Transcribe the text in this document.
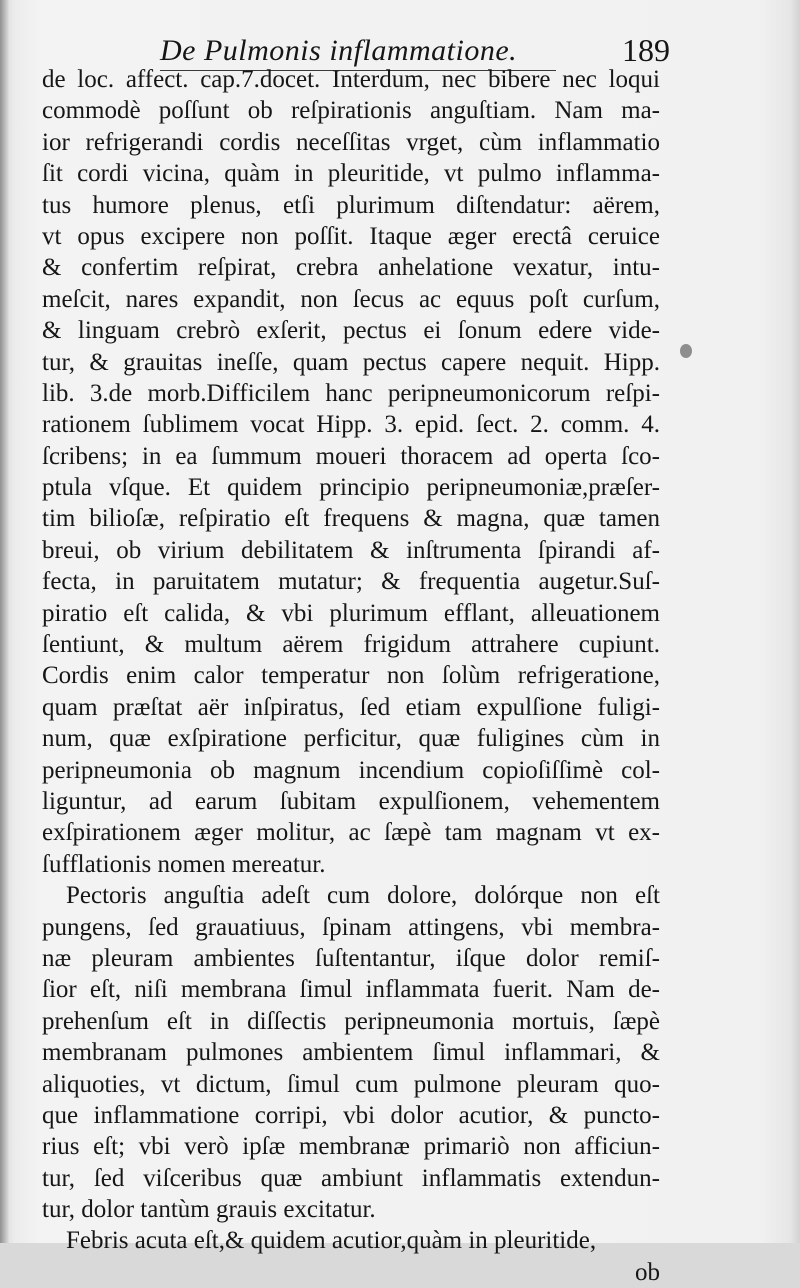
De Pulmonis inflammatione.	189
de loc. affect. cap.7.docet. Interdum, nec bibere nec loqui
commodè poſſunt ob reſpirationis anguſtiam. Nam ma-
ior refrigerandi cordis neceſſitas vrget, cùm inflammatio
ſit cordi vicina, quàm in pleuritide, vt pulmo inflamma-
tus humore plenus, etſi plurimum diſtendatur: aërem,
vt opus excipere non poſſit. Itaque æger erectâ ceruice
& confertim reſpirat, crebra anhelatione vexatur, intu-
meſcit, nares expandit, non ſecus ac equus poſt curſum,
& linguam crebrò exſerit, pectus ei ſonum edere vide-
tur, & grauitas ineſſe, quam pectus capere nequit. Hipp.
lib. 3.de morb.Difficilem hanc peripneumonicorum reſpi-
rationem ſublimem vocat Hipp. 3. epid. ſect. 2. comm. 4.
ſcribens; in ea ſummum moueri thoracem ad operta ſco-
ptula vſque. Et quidem principio peripneumoniæ,præſer-
tim bilioſæ, reſpiratio eſt frequens & magna, quæ tamen
breui, ob virium debilitatem & inſtrumenta ſpirandi af-
fecta, in paruitatem mutatur; & frequentia augetur.Suſ-
piratio eſt calida, & vbi plurimum efflant, alleuationem
ſentiunt, & multum aërem frigidum attrahere cupiunt.
Cordis enim calor temperatur non ſolùm refrigeratione,
quam præſtat aër inſpiratus, ſed etiam expulſione fuligi-
num, quæ exſpiratione perficitur, quæ fuligines cùm in
peripneumonia ob magnum incendium copioſiſſimè col-
liguntur, ad earum ſubitam expulſionem, vehementem
exſpirationem æger molitur, ac ſæpè tam magnam vt ex-
ſufflationis nomen mereatur.
Pectoris anguſtia adeſt cum dolore, dolórque non eſt
pungens, ſed grauatiuus, ſpinam attingens, vbi membra-
næ pleuram ambientes ſuſtentantur, iſque dolor remiſ-
ſior eſt, niſi membrana ſimul inflammata fuerit. Nam de-
prehenſum eſt in diſſectis peripneumonia mortuis, ſæpè
membranam pulmones ambientem ſimul inflammari, &
aliquoties, vt dictum, ſimul cum pulmone pleuram quo-
que inflammatione corripi, vbi dolor acutior, & puncto-
rius eſt; vbi verò ipſæ membranæ primariò non afficiun-
tur, ſed viſceribus quæ ambiunt inflammatis extendun-
tur, dolor tantùm grauis excitatur.
Febris acuta eſt,& quidem acutior,quàm in pleuritide,
ob
